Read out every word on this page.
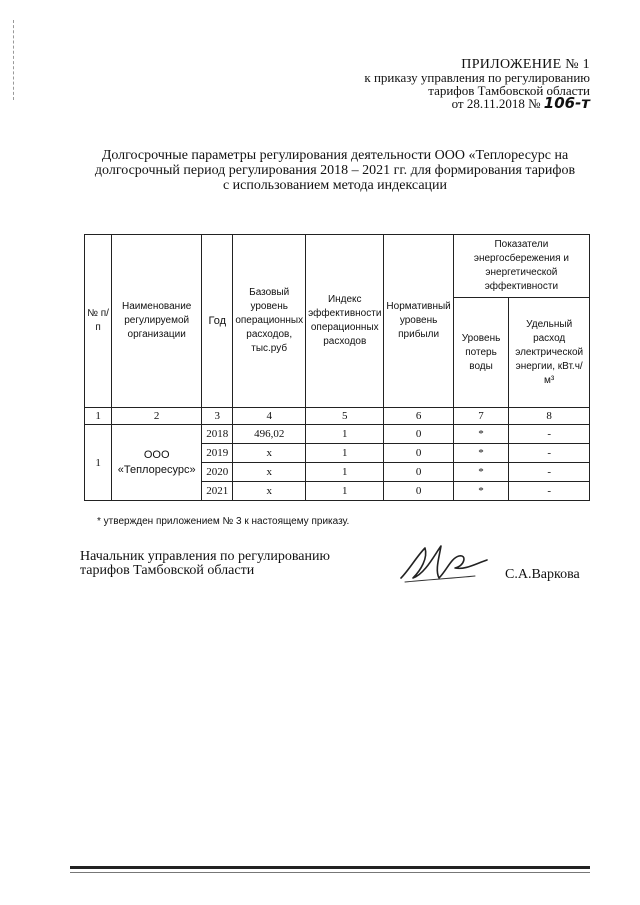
ПРИЛОЖЕНИЕ № 1
к приказу управления по регулированию
тарифов Тамбовской области
от 28.11.2018 № 106-т
Долгосрочные параметры регулирования деятельности ООО «Теплоресурс на
долгосрочный период регулирования 2018 – 2021 гг. для формирования тарифов
с использованием метода индексации
№ п/п	Наименование регулируемой организации	Год	Базовый уровень операционных расходов, тыс.руб	Индекс эффективности операционных расходов	Нормативный уровень прибыли	Показатели энергосбережения и энергетической эффективности	
						Уровень потерь воды	Удельный расход электрической энергии, кВт.ч/м³
1	2	3	4	5	6	7	8
1	ООО «Теплоресурс»	2018	496,02	1	0	*	-
		2019	х	1	0	*	-
		2020	х	1	0	*	-
		2021	х	1	0	*	-
* утвержден приложением № 3 к настоящему приказу.
Начальник управления по регулированию
тарифов Тамбовской области	С.А.Варкова
